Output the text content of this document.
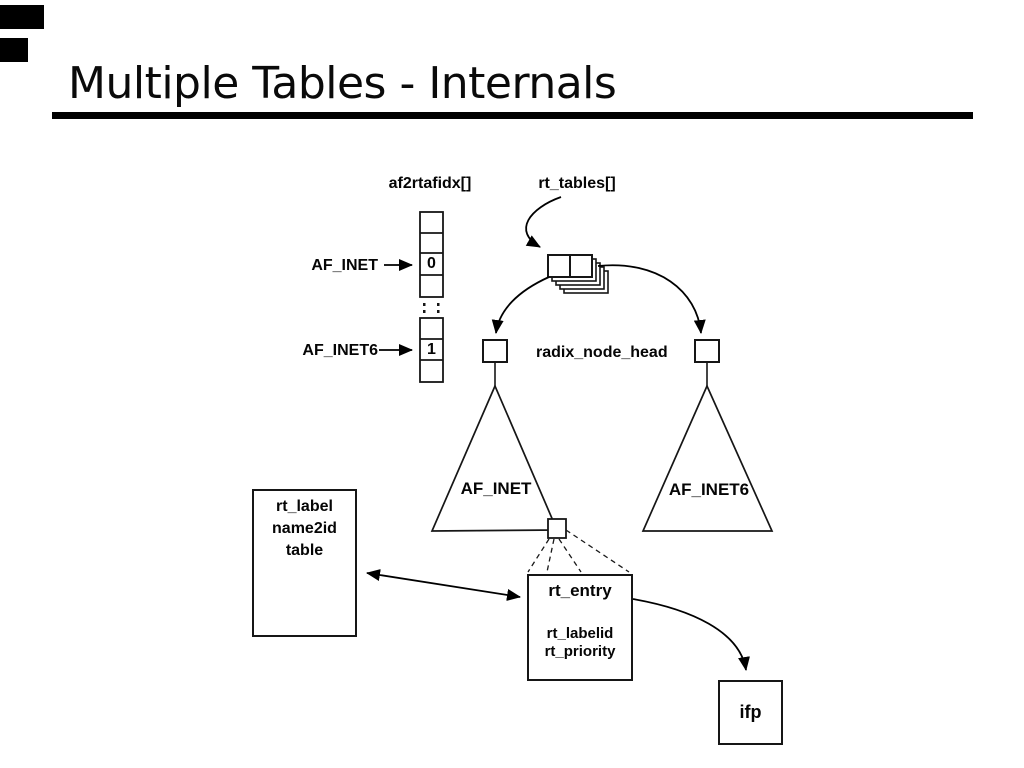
Multiple Tables - Internals
af2rtafidx[]	rt_tables[]
AF_INET
AF_INET6
0
1	radix_node_head
AF_INET	AF_INET6
rt_label
name2id
table
rt_entry
rt_labelid
rt_priority
ifp
